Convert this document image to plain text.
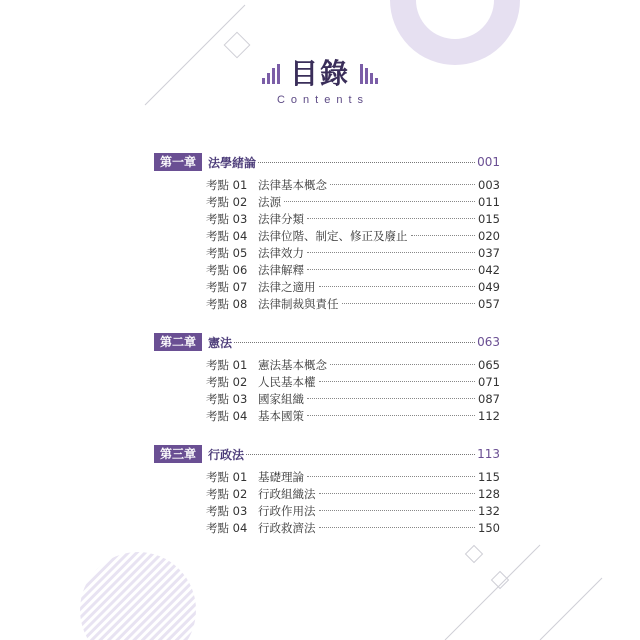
目錄
Contents
第一章	法學緒論	001
考點 01 法律基本概念	003
考點 02 法源	011
考點 03 法律分類	015
考點 04 法律位階、制定、修正及廢止	020
考點 05 法律效力	037
考點 06 法律解釋	042
考點 07 法律之適用	049
考點 08 法律制裁與責任	057
第二章	憲法	063
考點 01 憲法基本概念	065
考點 02 人民基本權	071
考點 03 國家組織	087
考點 04 基本國策	112
第三章	行政法	113
考點 01 基礎理論	115
考點 02 行政組織法	128
考點 03 行政作用法	132
考點 04 行政救濟法	150
